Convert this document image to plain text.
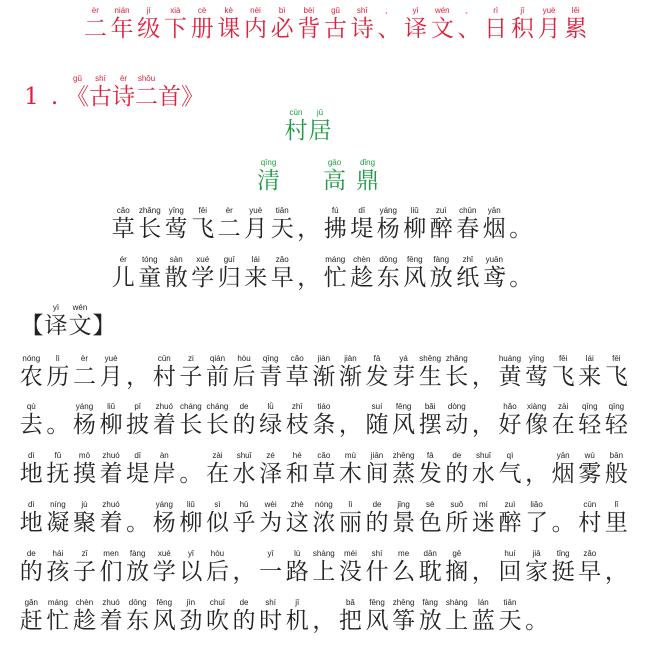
èr
二
nián
年
jí
级
xià
下
cè
册
kè
课
nèi
内
bì
必
bèi
背
gǔ
古
shī
诗
、
、
yì
译
wén
文
、
、
rì
日
jī
积
yuè
月
lěi
累
1 .
gǔ
《
shī
古
èr
诗
shǒu
二 首 》
cūn
村
jū
居
qīng
清

gāo
高
dǐng
鼎
cǎo
草
zhǎng
长
yīng
莺
fēi
飞
èr
二
yuè
月
tiān
天 ，
fú
拂
dī
堤
yáng
杨
liǔ
柳
zuì
醉
chūn
春
yān
烟 。
ér
儿
tóng
童
sàn
散
xué
学
guī
归
lái
来
zǎo
早 ，
máng
忙
chèn
趁
dōng
东
fēng
风
fàng
放
zhǐ
纸
yuān
鸢 。
【
yì
译
wén
文 】
nóng
农
lì
历
èr
二
yuè
月 ，
cūn
村
zi
子
qián
前
hòu
后
qīng
青
cǎo
草
jiàn
渐
jiàn
渐
fā
发
yá
芽
shēng
生
zhǎng
长 ，
huáng
黄
yīng
莺
fēi
飞
lái
来
fēi
飞
qù
去 。
yáng
杨
liǔ
柳
pī
披
zhuó
着
cháng
长
cháng
长
de
的
lǜ
绿
zhī
枝
tiáo
条 ，
suí
随
fēng
风
bǎi
摆
dòng
动 ，
hǎo
好
xiàng
像
zài
在
qīng
轻
qīng
轻
dì
地
fǔ
抚
mō
摸
zhuó
着
dī
堤
àn
岸 。
zài
在
shuǐ
水
zé
泽
hé
和
cǎo
草
mù
木
jiān
间
zhēng
蒸
fā
发
de
的
shuǐ
水
qì
气 ，
yān
烟
wù
雾
bān
般
dì
地
níng
凝
jù
聚
zhuó
着 。
yáng
杨
liǔ
柳
sì
似
hū
乎
wèi
为
zhè
这
nóng
浓
lì
丽
de
的
jǐng
景
sè
色
suǒ
所
mí
迷
zuì
醉
liǎo
了 。
cūn
村
lǐ
里
de
的
hái
孩
zǐ
子
men
们
fàng
放
xué
学
yǐ
以
hòu
后 ，
yī
一
lù
路
shàng
上
méi
没
shí
什
me
么
dān
耽
gē
搁 ，
huí
回
jiā
家
tǐng
挺
zǎo
早 ，
gǎn
赶
máng
忙
chèn
趁
zhuó
着
dōng
东
fēng
风
jìn
劲
chuī
吹
de
的
shí
时
jī
机 ，
bǎ
把
fēng
风
zhēng
筝
fàng
放
shàng
上
lán
蓝
tiān
天 。
